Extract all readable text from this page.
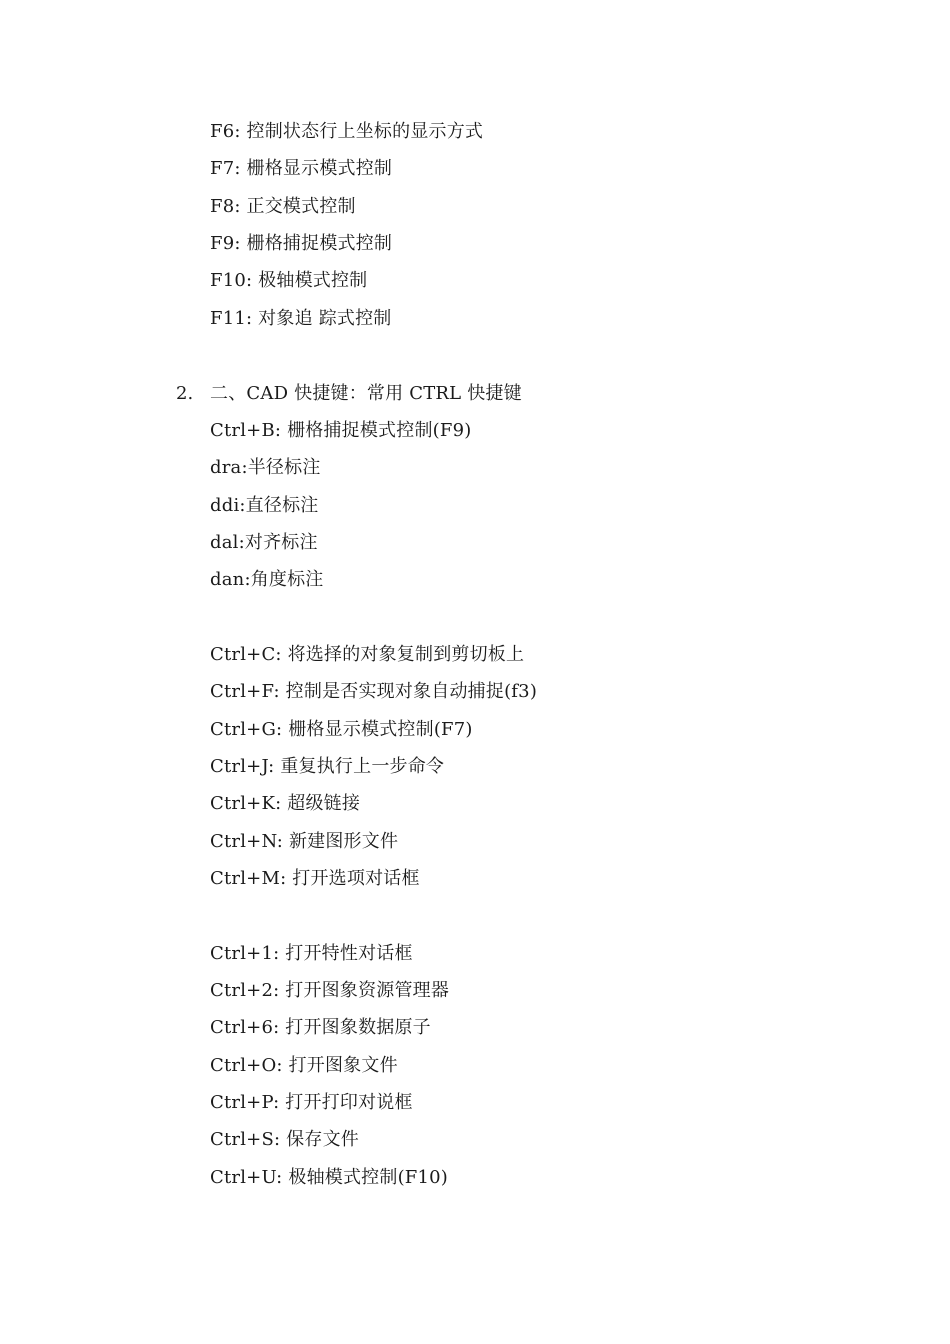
F6: 控制状态行上坐标的显示方式
F7: 栅格显示模式控制
F8: 正交模式控制
F9: 栅格捕捉模式控制
F10: 极轴模式控制
F11: 对象追 踪式控制
2. 二、CAD 快捷键：常用 CTRL 快捷键
Ctrl+B: 栅格捕捉模式控制(F9)
dra:半径标注
ddi:直径标注
dal:对齐标注
dan:角度标注
Ctrl+C: 将选择的对象复制到剪切板上
Ctrl+F: 控制是否实现对象自动捕捉(f3)
Ctrl+G: 栅格显示模式控制(F7)
Ctrl+J: 重复执行上一步命令
Ctrl+K: 超级链接
Ctrl+N: 新建图形文件
Ctrl+M: 打开选项对话框
Ctrl+1: 打开特性对话框
Ctrl+2: 打开图象资源管理器
Ctrl+6: 打开图象数据原子
Ctrl+O: 打开图象文件
Ctrl+P: 打开打印对说框
Ctrl+S: 保存文件
Ctrl+U: 极轴模式控制(F10)
